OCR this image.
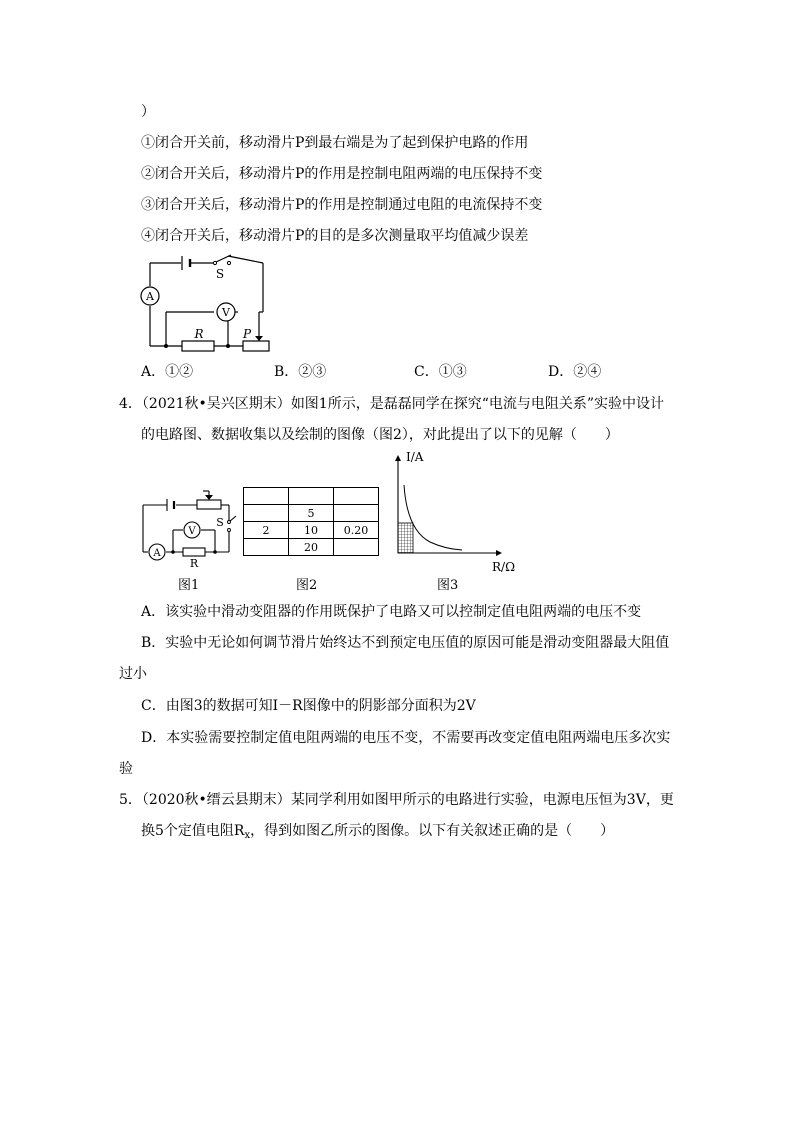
）
①闭合开关前，移动滑片P到最右端是为了起到保护电路的作用
②闭合开关后，移动滑片P的作用是控制电阻两端的电压保持不变
③闭合开关后，移动滑片P的作用是控制通过电阻的电流保持不变
④闭合开关后，移动滑片P的目的是多次测量取平均值减少误差
A
V
S
R	P
A．①②	B．②③	C．①③	D．②④
4．（2021秋•吴兴区期末）如图1所示，是磊磊同学在探究“电流与电阻关系”实验中设计
的电路图、数据收集以及绘制的图像（图2），对此提出了以下的见解（　　）
A
V
S
R
图1

	5	
2	10	0.20
	20	
图2
I/A
R/Ω
图3
A．该实验中滑动变阻器的作用既保护了电路又可以控制定值电阻两端的电压不变
B．实验中无论如何调节滑片始终达不到预定电压值的原因可能是滑动变阻器最大阻值
过小
C．由图3的数据可知I－R图像中的阴影部分面积为2V
D．本实验需要控制定值电阻两端的电压不变，不需要再改变定值电阻两端电压多次实
验
5．（2020秋•缙云县期末）某同学利用如图甲所示的电路进行实验，电源电压恒为3V，更
换5个定值电阻$R_x$，得到如图乙所示的图像。以下有关叙述正确的是（　　）
